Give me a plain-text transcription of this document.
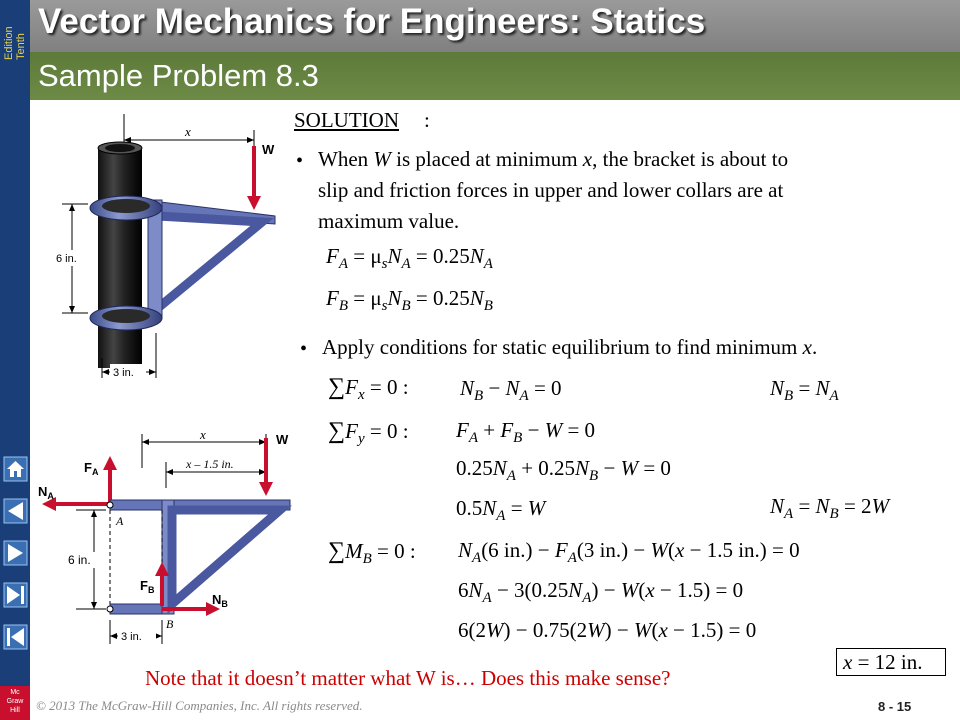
Tenth
Edition
Mc
Graw
Hill
Vector Mechanics for Engineers: Statics
Sample Problem 8.3
x
W
6 in.
3 in.
x
x – 1.5 in.
W
$F_A$
$N_A$
A
6 in.
$F_B$
$N_B$
B
3 in.
SOLUTION :
• When W is placed at minimum x, the bracket is about to
slip and friction forces in upper and lower collars are at
maximum value.
$F_A = \mu_sN_A = 0.25N_A$
$F_B = \mu_sN_B = 0.25N_B$
• Apply conditions for static equilibrium to find minimum x.
$\sum F_x = 0$ : $N_B - N_A = 0$	$N_B = N_A$
$\sum F_y = 0$ : $F_A + F_B - W = 0$
$0.25N_A + 0.25N_B - W = 0$
$0.5N_A = W$	$N_A = N_B = 2W$
$\sum M_B = 0$ : $N_A(6$ $in.) - F_A(3$ in.) − W(x − 1.5 in.) = 0
$6N_A - 3(0.25N_A) - W(x - 1.5) = 0$
6(2W) − 0.75(2W) − W(x − 1.5) = 0
x = 12 in.
Note that it doesn’t matter what W is… Does this make sense?
© 2013 The McGraw-Hill Companies, Inc. All rights reserved.	8 - 15
